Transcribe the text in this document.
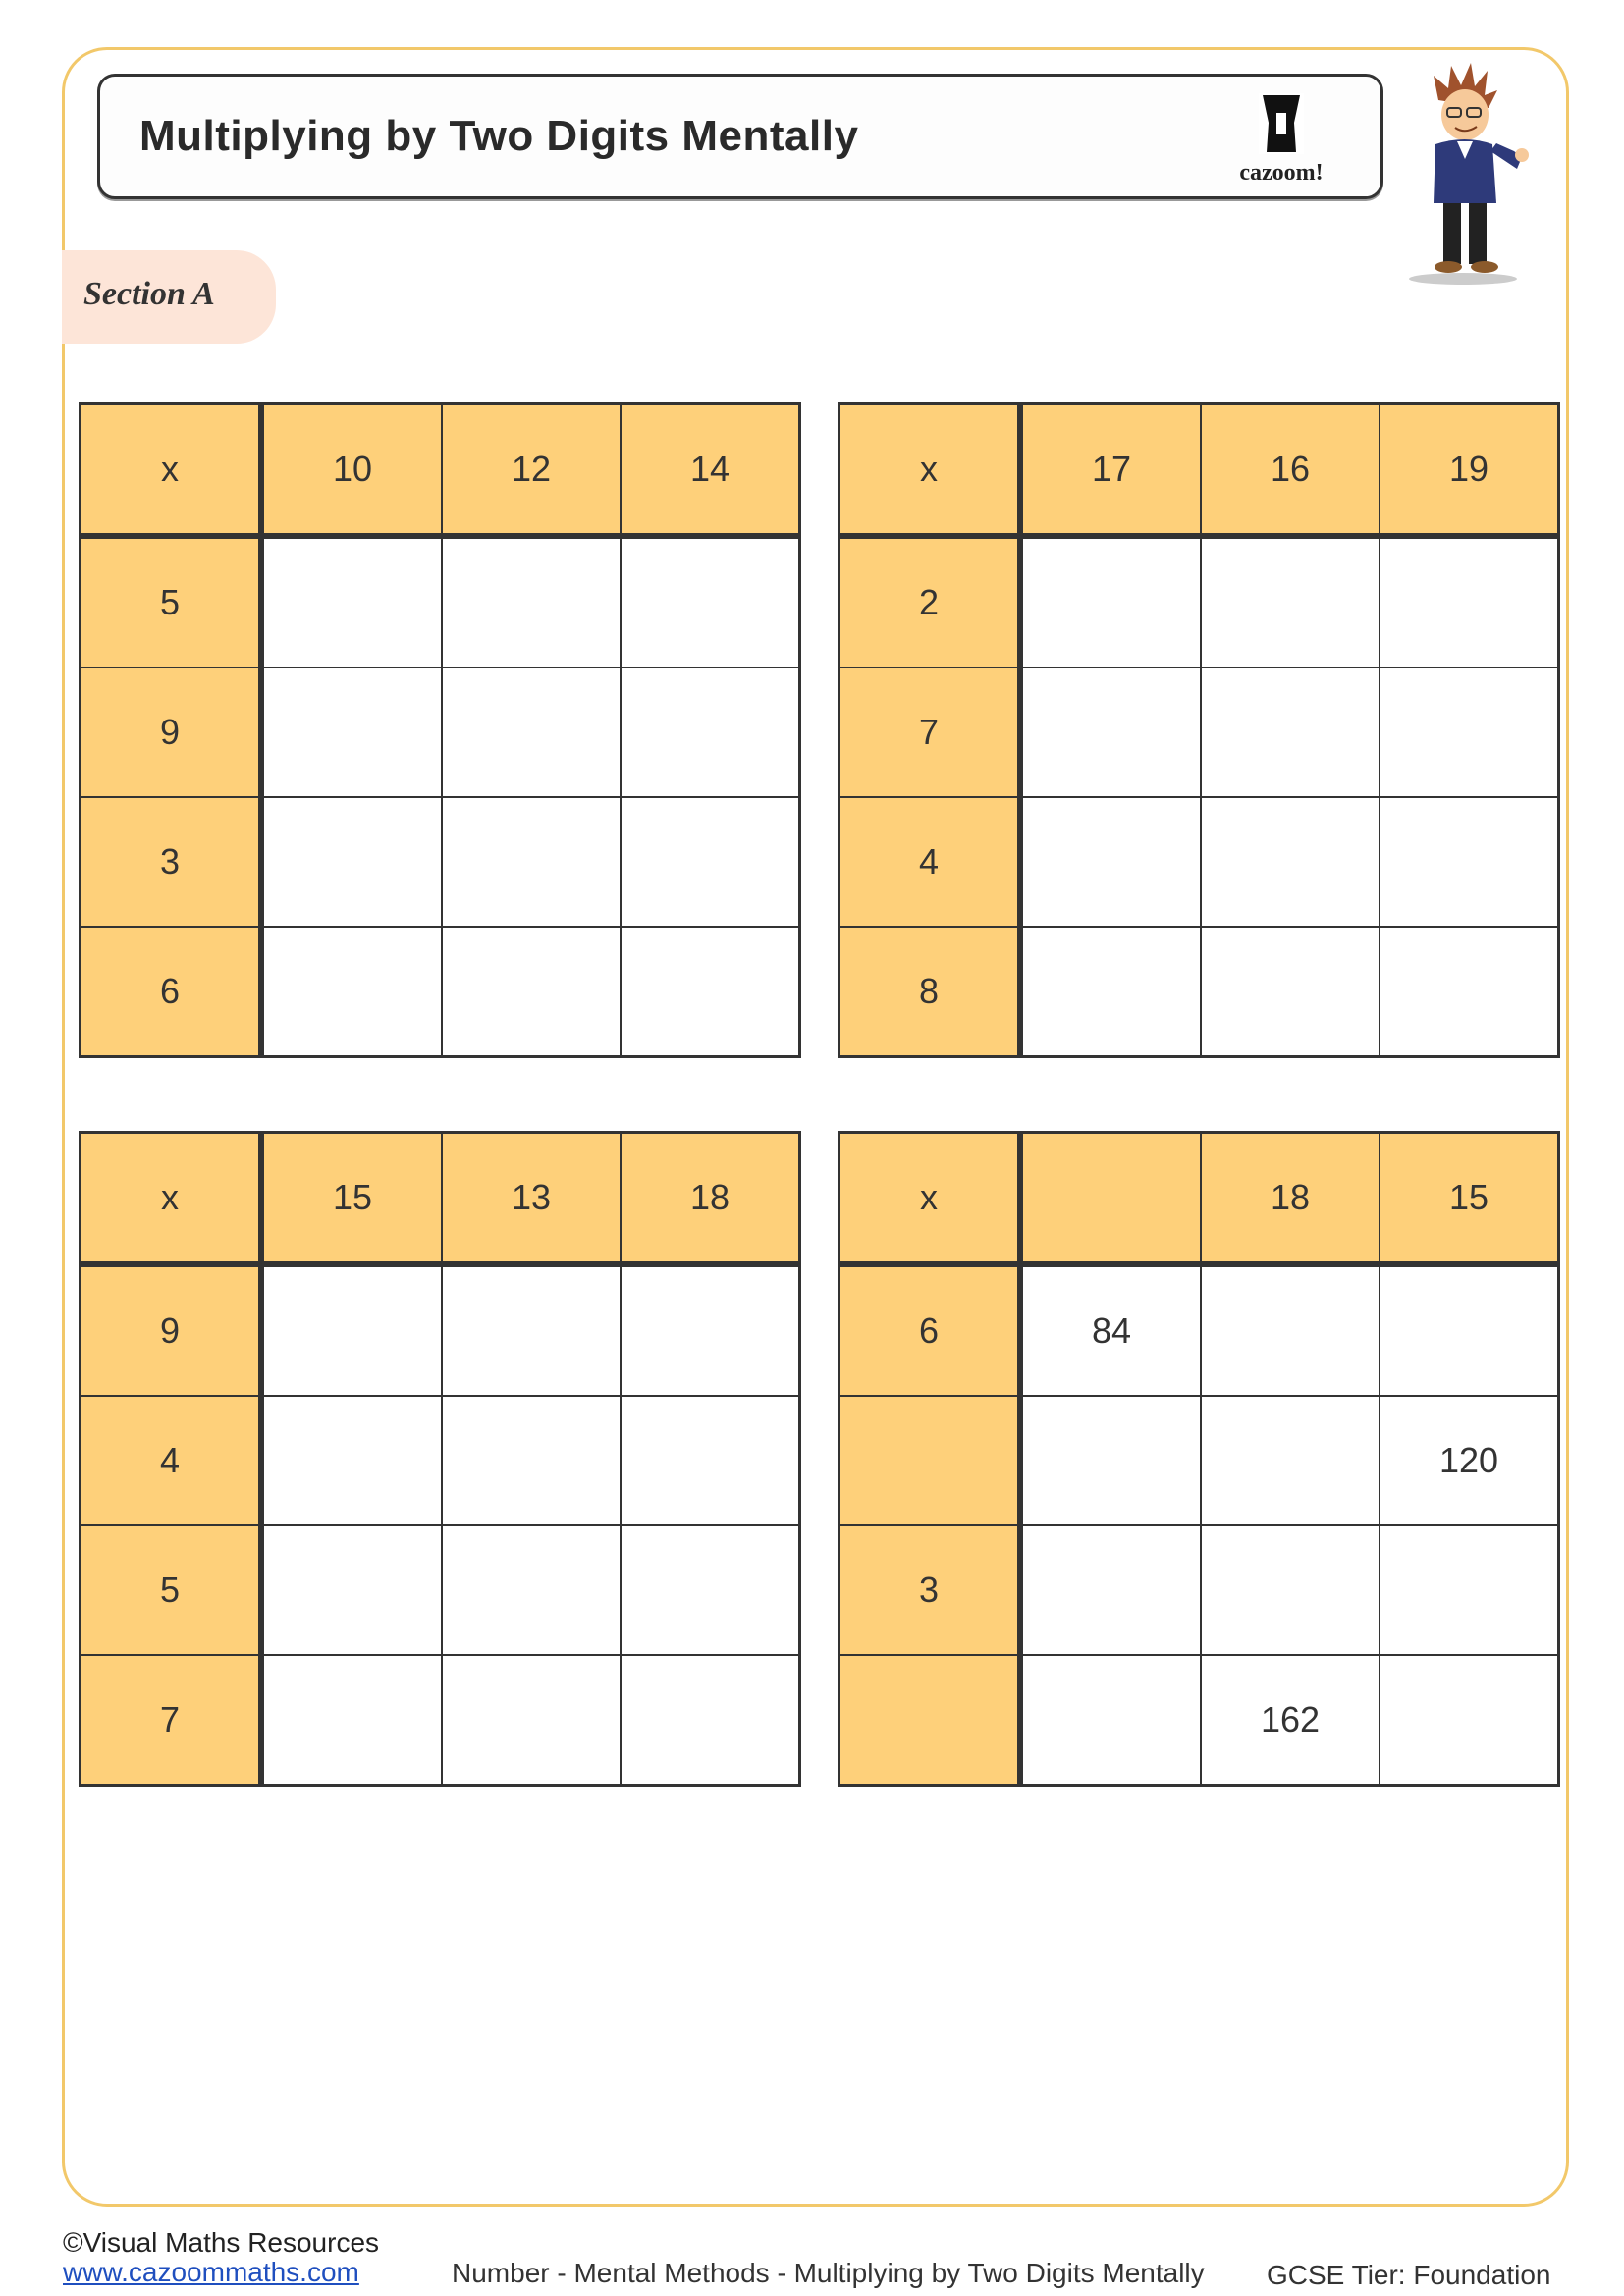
Multiplying by Two Digits Mentally
cazoom!
Section A
x	10	12	14
5			
9			
3			
6			
x	17	16	19
2			
7			
4			
8			
x	15	13	18
9			
4			
5			
7			
x		18	15
6	84		
			120
3			
		162	
©Visual Maths Resources
www.cazoommaths.com	Number - Mental Methods - Multiplying by Two Digits Mentally GCSE Tier: Foundation
